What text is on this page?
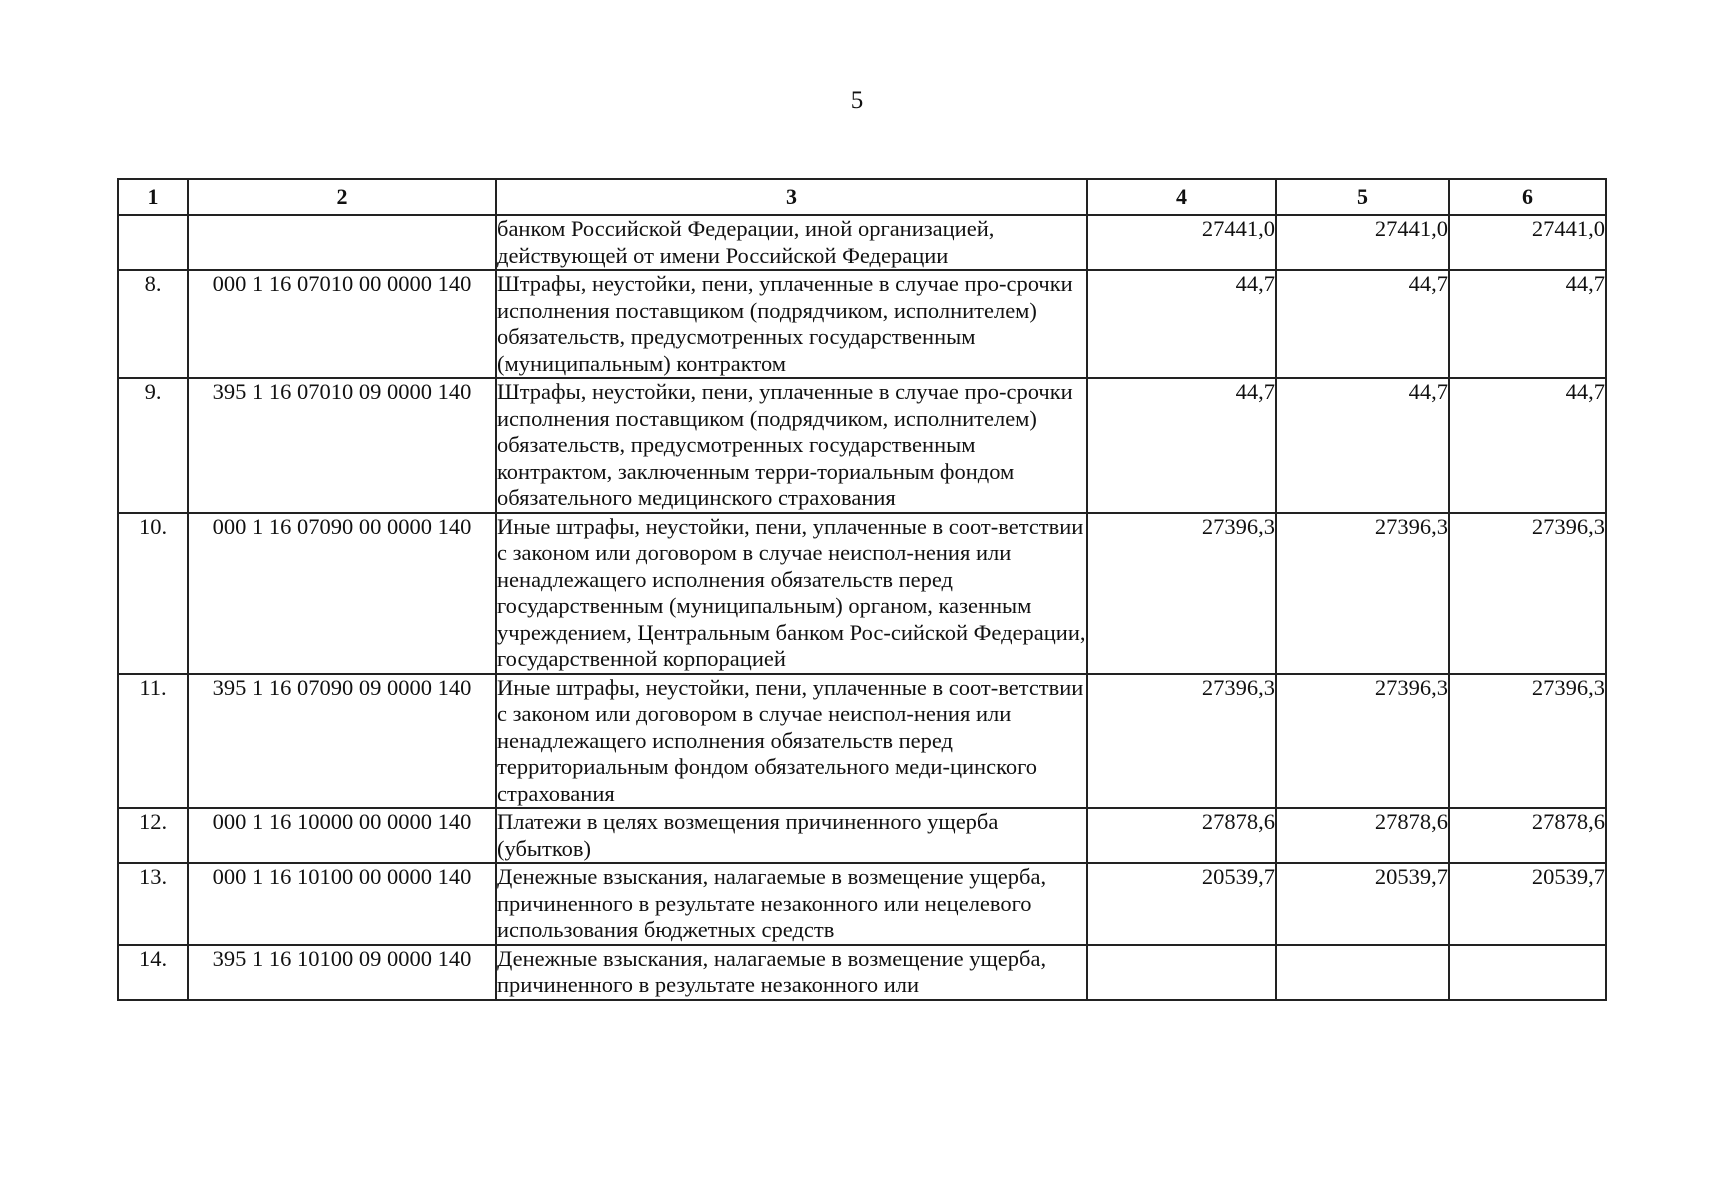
5
1	2	3	4	5	6
		банком Российской Федерации, иной организацией, действующей от имени Российской Федерации	27441,0	27441,0	27441,0
8.	000 1 16 07010 00 0000 140	Штрафы, неустойки, пени, уплаченные в случае про-срочки исполнения поставщиком (подрядчиком, исполнителем) обязательств, предусмотренных государственным (муниципальным) контрактом	44,7	44,7	44,7
9.	395 1 16 07010 09 0000 140	Штрафы, неустойки, пени, уплаченные в случае про-срочки исполнения поставщиком (подрядчиком, исполнителем) обязательств, предусмотренных государственным контрактом, заключенным терри-ториальным фондом обязательного медицинского страхования	44,7	44,7	44,7
10.	000 1 16 07090 00 0000 140	Иные штрафы, неустойки, пени, уплаченные в соот-ветствии с законом или договором в случае неиспол-нения или ненадлежащего исполнения обязательств перед государственным (муниципальным) органом, казенным учреждением, Центральным банком Рос-сийской Федерации, государственной корпорацией	27396,3	27396,3	27396,3
11.	395 1 16 07090 09 0000 140	Иные штрафы, неустойки, пени, уплаченные в соот-ветствии с законом или договором в случае неиспол-нения или ненадлежащего исполнения обязательств перед территориальным фондом обязательного меди-цинского страхования	27396,3	27396,3	27396,3
12.	000 1 16 10000 00 0000 140	Платежи в целях возмещения причиненного ущерба (убытков)	27878,6	27878,6	27878,6
13.	000 1 16 10100 00 0000 140	Денежные взыскания, налагаемые в возмещение ущерба, причиненного в результате незаконного или нецелевого использования бюджетных средств	20539,7	20539,7	20539,7
14.	395 1 16 10100 09 0000 140	Денежные взыскания, налагаемые в возмещение ущерба, причиненного в результате незаконного или			
